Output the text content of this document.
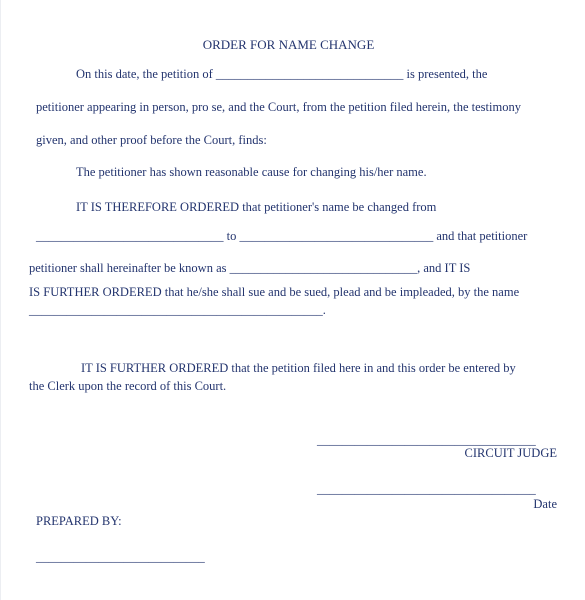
ORDER FOR NAME CHANGE
On this date, the petition of ______________________________ is presented, the
petitioner appearing in person, pro se, and the Court, from the petition filed herein, the testimony
given, and other proof before the Court, finds:
The petitioner has shown reasonable cause for changing his/her name.
IT IS THEREFORE ORDERED that petitioner's name be changed from
______________________________ to _______________________________ and that petitioner
petitioner shall hereinafter be known as ______________________________, and IT IS
IS FURTHER ORDERED that he/she shall sue and be sued, plead and be impleaded, by the name
_______________________________________________.
IT IS FURTHER ORDERED that the petition filed here in and this order be entered by
the Clerk upon the record of this Court.
___________________________________
CIRCUIT JUDGE
___________________________________
Date
PREPARED BY:
___________________________
